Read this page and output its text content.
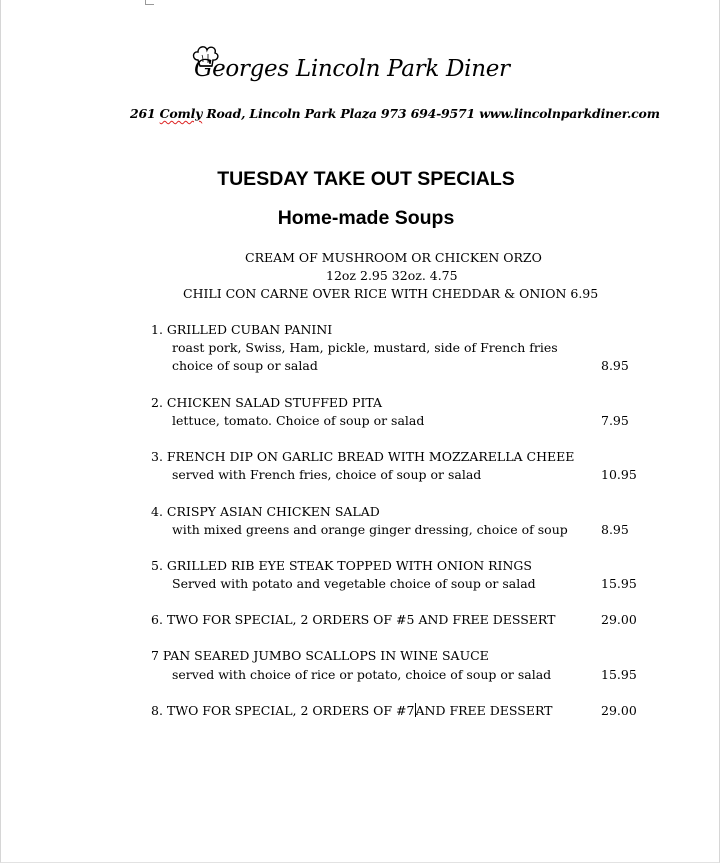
Georges Lincoln Park Diner
261 Comly Road, Lincoln Park Plaza 973 694-9571 www.lincolnparkdiner.com
TUESDAY TAKE OUT SPECIALS
Home-made Soups
CREAM OF MUSHROOM OR CHICKEN ORZO
12oz 2.95 32oz. 4.75
CHILI CON CARNE OVER RICE WITH CHEDDAR & ONION 6.95
1. GRILLED CUBAN PANINI
roast pork, Swiss, Ham, pickle, mustard, side of French fries
choice of soup or salad	8.95
2. CHICKEN SALAD STUFFED PITA
lettuce, tomato. Choice of soup or salad	7.95
3. FRENCH DIP ON GARLIC BREAD WITH MOZZARELLA CHEEE
served with French fries, choice of soup or salad	10.95
4. CRISPY ASIAN CHICKEN SALAD
with mixed greens and orange ginger dressing, choice of soup	8.95
5. GRILLED RIB EYE STEAK TOPPED WITH ONION RINGS
Served with potato and vegetable choice of soup or salad	15.95
6. TWO FOR SPECIAL, 2 ORDERS OF #5 AND FREE DESSERT	29.00
7 PAN SEARED JUMBO SCALLOPS IN WINE SAUCE
served with choice of rice or potato, choice of soup or salad	15.95
8. TWO FOR SPECIAL, 2 ORDERS OF #7AND FREE DESSERT	29.00
